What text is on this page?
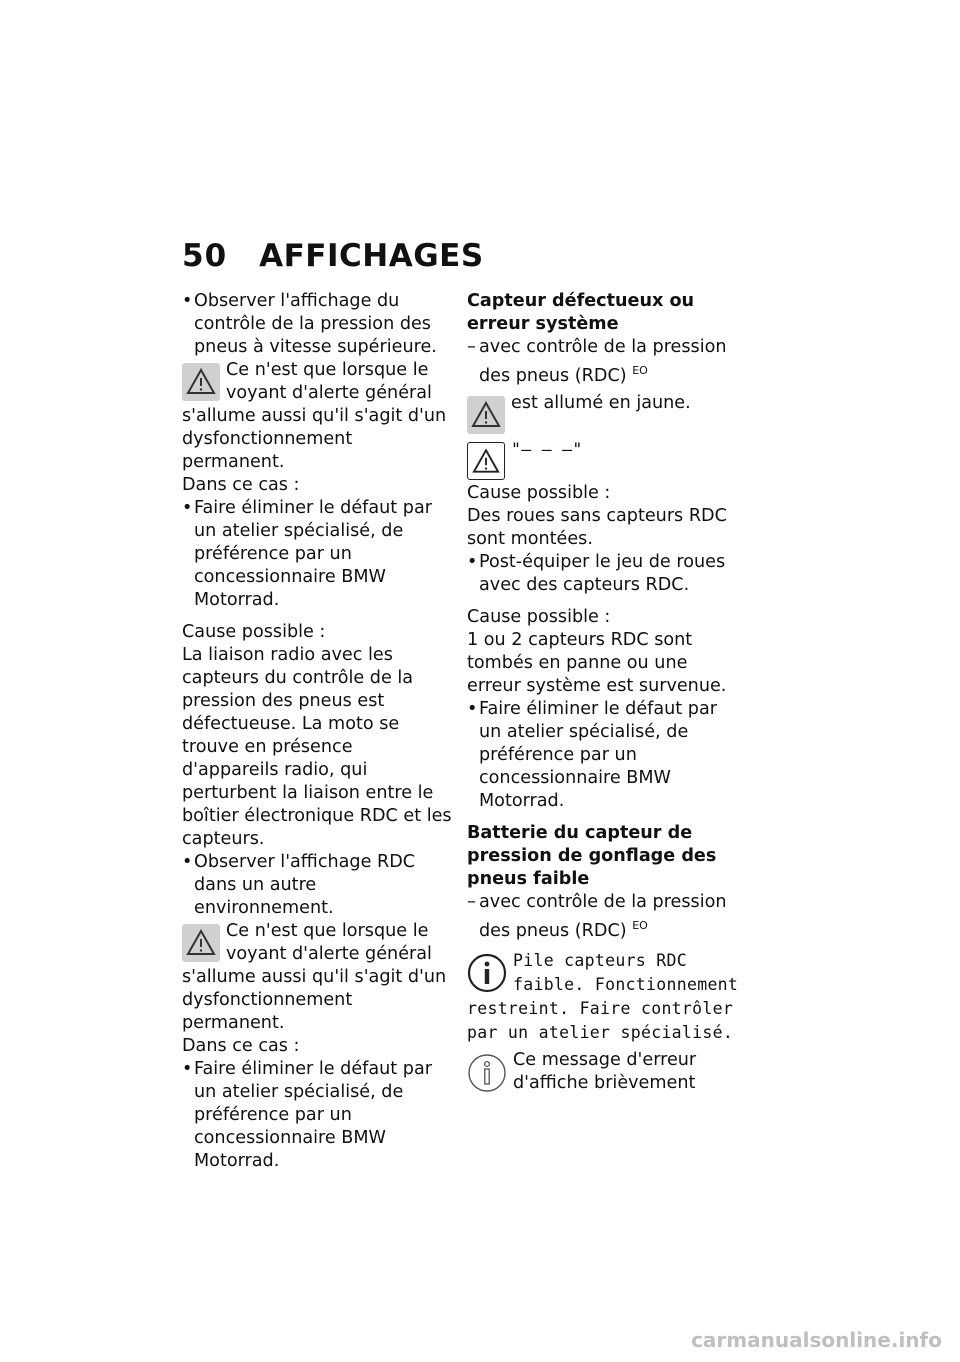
50 AFFICHAGES
• Observer l'affichage du contrôle de la pression des pneus à vitesse supérieure.
Ce n'est que lorsque le voyant d'alerte général s'allume aussi qu'il s'agit d'un dysfonctionnement permanent.
Dans ce cas :
• Faire éliminer le défaut par un atelier spécialisé, de préférence par un concessionnaire BMW Motorrad.
Cause possible :
La liaison radio avec les capteurs du contrôle de la pression des pneus est défectueuse. La moto se trouve en présence d'appareils radio, qui perturbent la liaison entre le boîtier électronique RDC et les capteurs.
• Observer l'affichage RDC dans un autre environnement.
Ce n'est que lorsque le voyant d'alerte général s'allume aussi qu'il s'agit d'un dysfonctionnement permanent.
Dans ce cas :
• Faire éliminer le défaut par un atelier spécialisé, de préférence par un concessionnaire BMW Motorrad.
Capteur défectueux ou erreur système
– avec contrôle de la pression des pneus (RDC) $^{EO}$
est allumé en jaune.
"– – –"
Cause possible :
Des roues sans capteurs RDC sont montées.
• Post-équiper le jeu de roues avec des capteurs RDC.
Cause possible :
1 ou 2 capteurs RDC sont tombés en panne ou une erreur système est survenue.
• Faire éliminer le défaut par un atelier spécialisé, de préférence par un concessionnaire BMW Motorrad.
Batterie du capteur de pression de gonflage des pneus faible
– avec contrôle de la pression des pneus (RDC) $^{EO}$
Pile capteurs RDC faible. Fonctionnement restreint. Faire contrôler par un atelier spécialisé.
Ce message d'erreur d'affiche brièvement
carmanualsonline.info
